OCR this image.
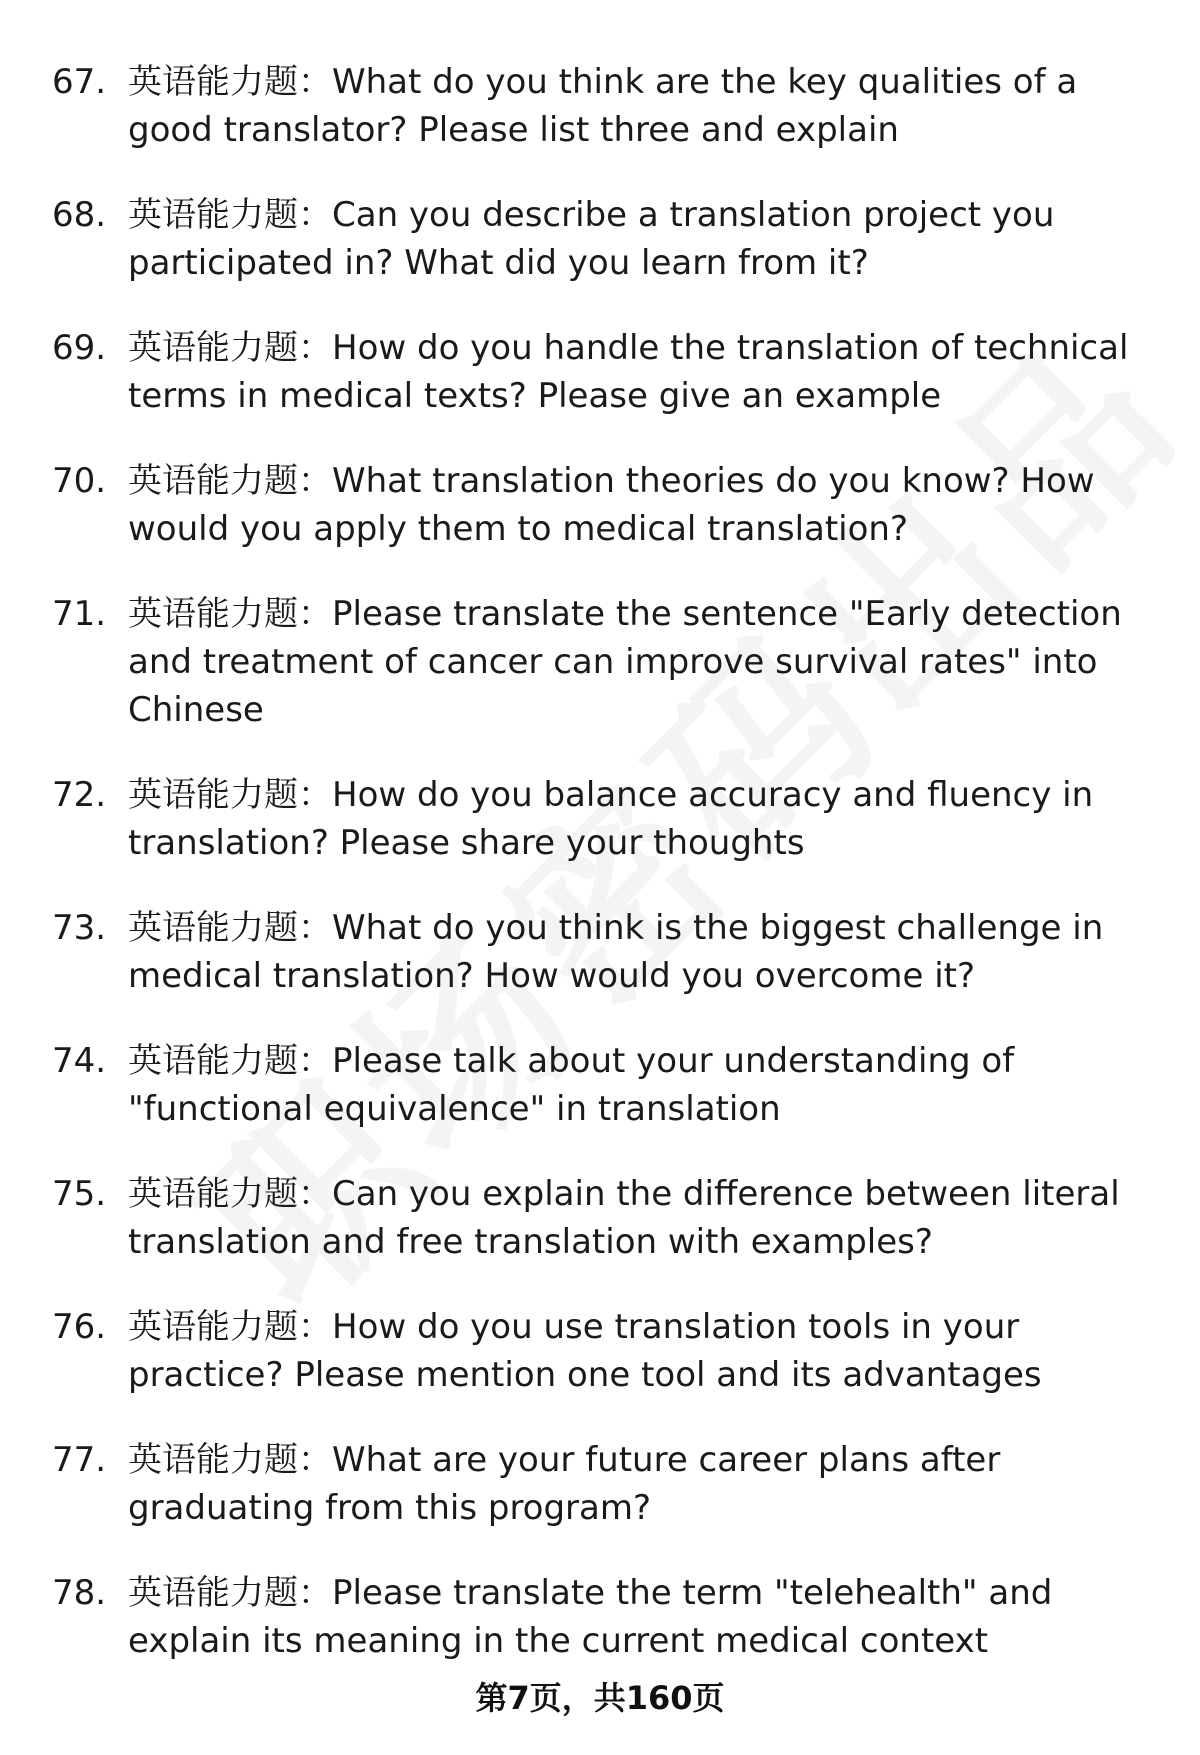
67. 英语能力题：What do you think are the key qualities of a good translator? Please list three and explain
68. 英语能力题：Can you describe a translation project you participated in? What did you learn from it?
69. 英语能力题：How do you handle the translation of technical terms in medical texts? Please give an example
70. 英语能力题：What translation theories do you know? How would you apply them to medical translation?
71. 英语能力题：Please translate the sentence "Early detection and treatment of cancer can improve survival rates" into Chinese
72. 英语能力题：How do you balance accuracy and fluency in translation? Please share your thoughts
73. 英语能力题：What do you think is the biggest challenge in medical translation? How would you overcome it?
74. 英语能力题：Please talk about your understanding of "functional equivalence" in translation
75. 英语能力题：Can you explain the difference between literal translation and free translation with examples?
76. 英语能力题：How do you use translation tools in your practice? Please mention one tool and its advantages
77. 英语能力题：What are your future career plans after graduating from this program?
78. 英语能力题：Please translate the term "telehealth" and explain its meaning in the current medical context
第7页，共160页
